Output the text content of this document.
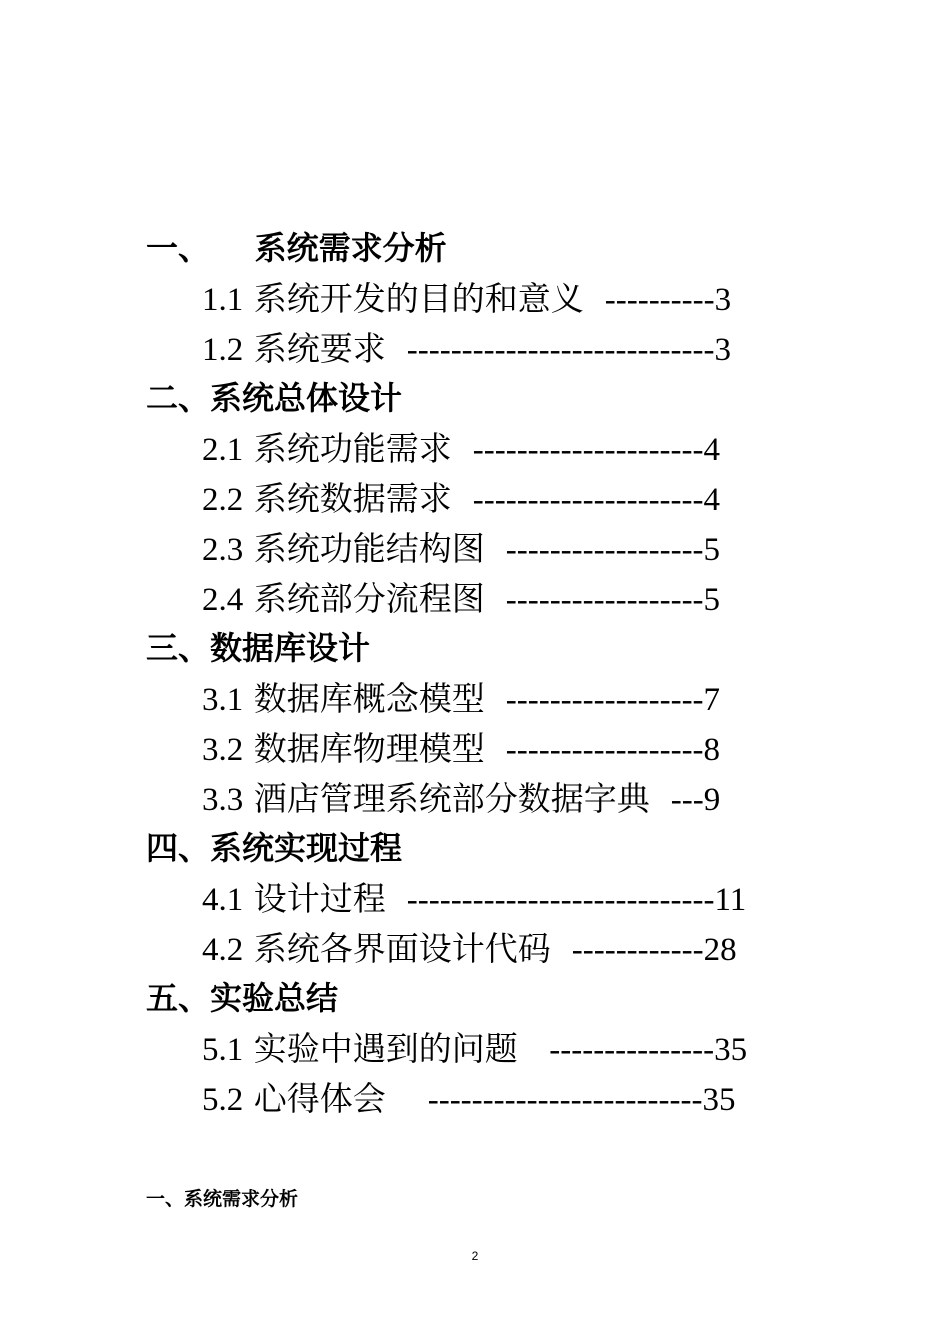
一、    系统需求分析
1.1 系统开发的目的和意义 ----------3
1.2 系统要求 ----------------------------3
二、系统总体设计
2.1 系统功能需求 ---------------------4
2.2 系统数据需求 ---------------------4
2.3 系统功能结构图 ------------------5
2.4 系统部分流程图 ------------------5
三、数据库设计
3.1 数据库概念模型 ------------------7
3.2 数据库物理模型 ------------------8
3.3 酒店管理系统部分数据字典 ---9
四、系统实现过程
4.1 设计过程 ----------------------------11
4.2 系统各界面设计代码 ------------28
五、实验总结
5.1 实验中遇到的问题 ---------------35
5.2 心得体会 -------------------------35
一、系统需求分析
2
